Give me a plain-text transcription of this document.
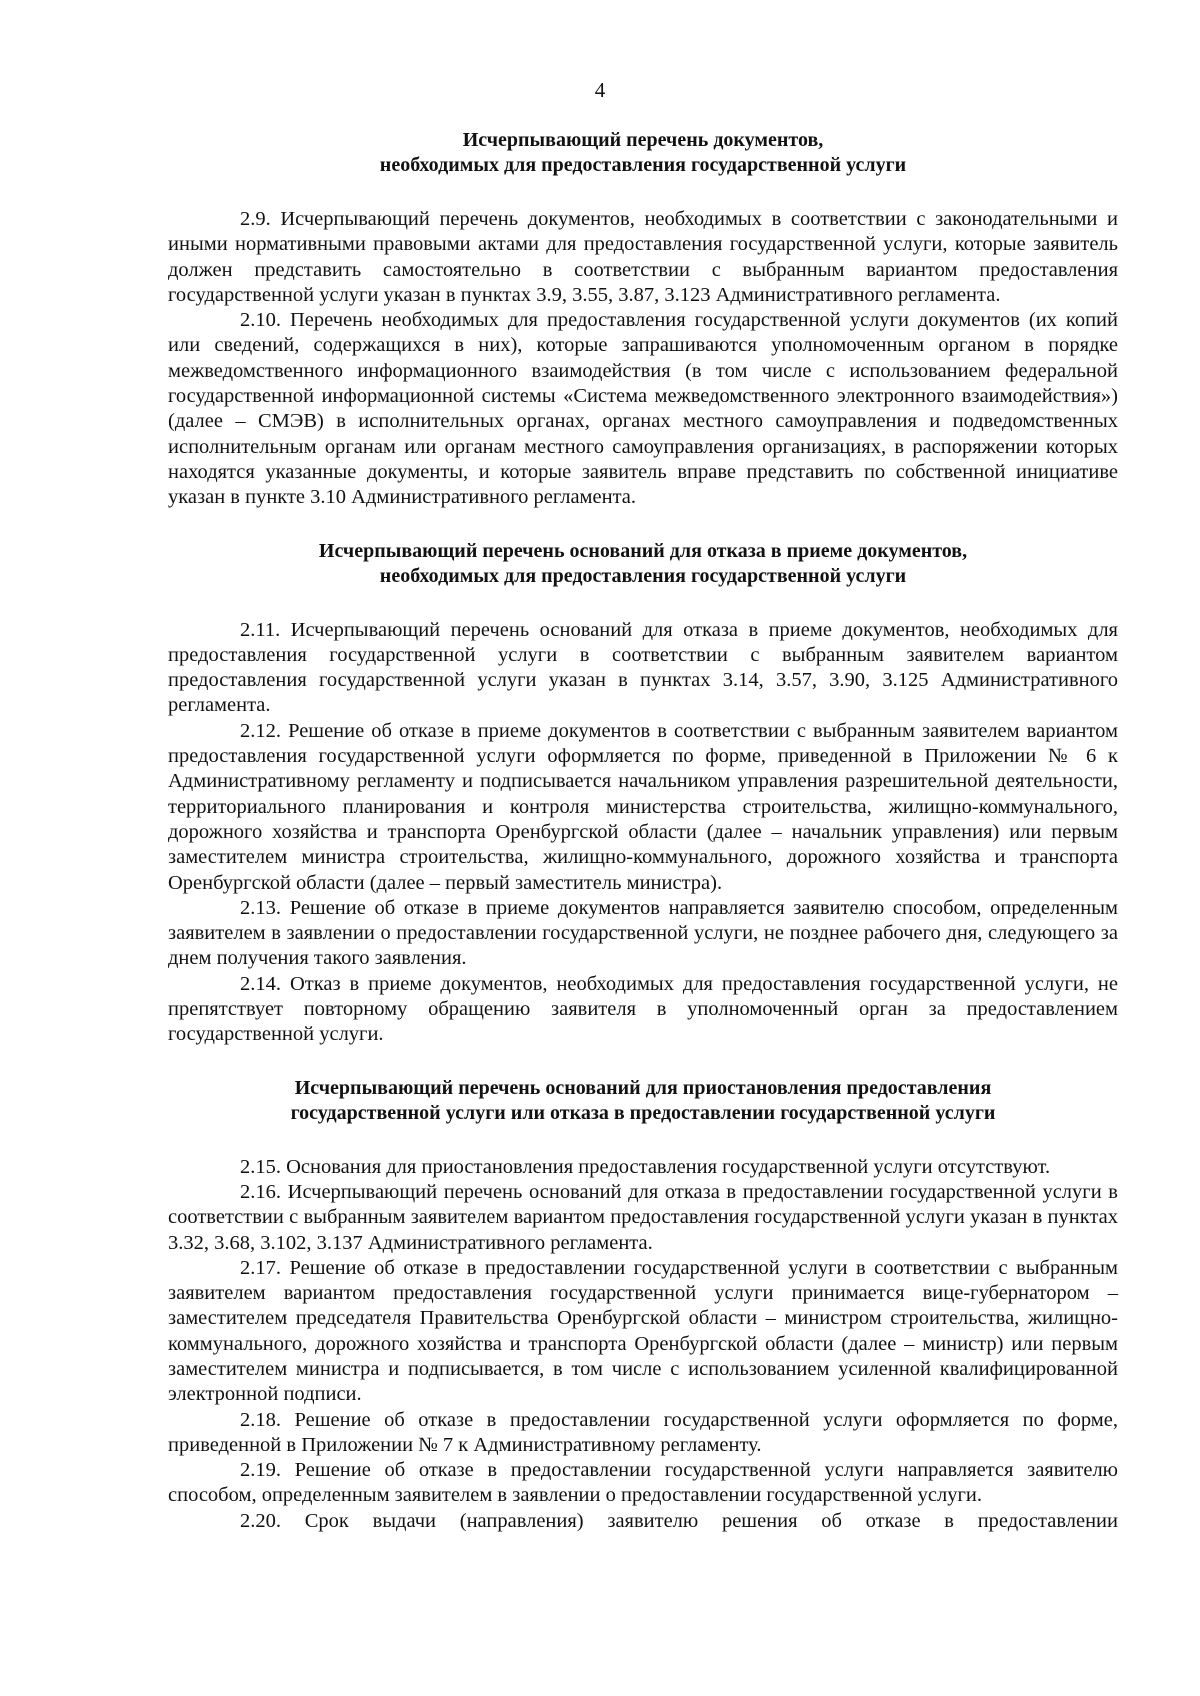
4
Исчерпывающий перечень документов,
необходимых для предоставления государственной услуги

2.9. Исчерпывающий перечень документов, необходимых в соответствии с законодательными и иными нормативными правовыми актами для предоставления государственной услуги, которые заявитель должен представить самостоятельно в соответствии с выбранным вариантом предоставления государственной услуги указан в пунктах 3.9, 3.55, 3.87, 3.123 Административного регламента.

2.10. Перечень необходимых для предоставления государственной услуги документов (их копий или сведений, содержащихся в них), которые запрашиваются уполномоченным органом в порядке межведомственного информационного взаимодействия (в том числе с использованием федеральной государственной информационной системы «Система межведомственного электронного взаимодействия») (далее – СМЭВ) в исполнительных органах, органах местного самоуправления и подведомственных исполнительным органам или органам местного самоуправления организациях, в распоряжении которых находятся указанные документы, и которые заявитель вправе представить по собственной инициативе указан в пункте 3.10 Административного регламента.

Исчерпывающий перечень оснований для отказа в приеме документов,
необходимых для предоставления государственной услуги

2.11. Исчерпывающий перечень оснований для отказа в приеме документов, необходимых для предоставления государственной услуги в соответствии с выбранным заявителем вариантом предоставления государственной услуги указан в пунктах 3.14, 3.57, 3.90, 3.125 Административного регламента.

2.12. Решение об отказе в приеме документов в соответствии с выбранным заявителем вариантом предоставления государственной услуги оформляется по форме, приведенной в Приложении № 6 к Административному регламенту и подписывается начальником управления разрешительной деятельности, территориального планирования и контроля министерства строительства, жилищно-коммунального, дорожного хозяйства и транспорта Оренбургской области (далее – начальник управления) или первым заместителем министра строительства, жилищно-коммунального, дорожного хозяйства и транспорта Оренбургской области (далее – первый заместитель министра).

2.13. Решение об отказе в приеме документов направляется заявителю способом, определенным заявителем в заявлении о предоставлении государственной услуги, не позднее рабочего дня, следующего за днем получения такого заявления.

2.14. Отказ в приеме документов, необходимых для предоставления государственной услуги, не препятствует повторному обращению заявителя в уполномоченный орган за предоставлением государственной услуги.

Исчерпывающий перечень оснований для приостановления предоставления
государственной услуги или отказа в предоставлении государственной услуги

2.15. Основания для приостановления предоставления государственной услуги отсутствуют.

2.16. Исчерпывающий перечень оснований для отказа в предоставлении государственной услуги в соответствии с выбранным заявителем вариантом предоставления государственной услуги указан в пунктах 3.32, 3.68, 3.102, 3.137 Административного регламента.

2.17. Решение об отказе в предоставлении государственной услуги в соответствии с выбранным заявителем вариантом предоставления государственной услуги принимается вице-губернатором – заместителем председателя Правительства Оренбургской области – министром строительства, жилищно-коммунального, дорожного хозяйства и транспорта Оренбургской области (далее – министр) или первым заместителем министра и подписывается, в том числе с использованием усиленной квалифицированной электронной подписи.

2.18. Решение об отказе в предоставлении государственной услуги оформляется по форме, приведенной в Приложении № 7 к Административному регламенту.

2.19. Решение об отказе в предоставлении государственной услуги направляется заявителю способом, определенным заявителем в заявлении о предоставлении государственной услуги.

2.20. Срок выдачи (направления) заявителю решения об отказе в предоставлении
